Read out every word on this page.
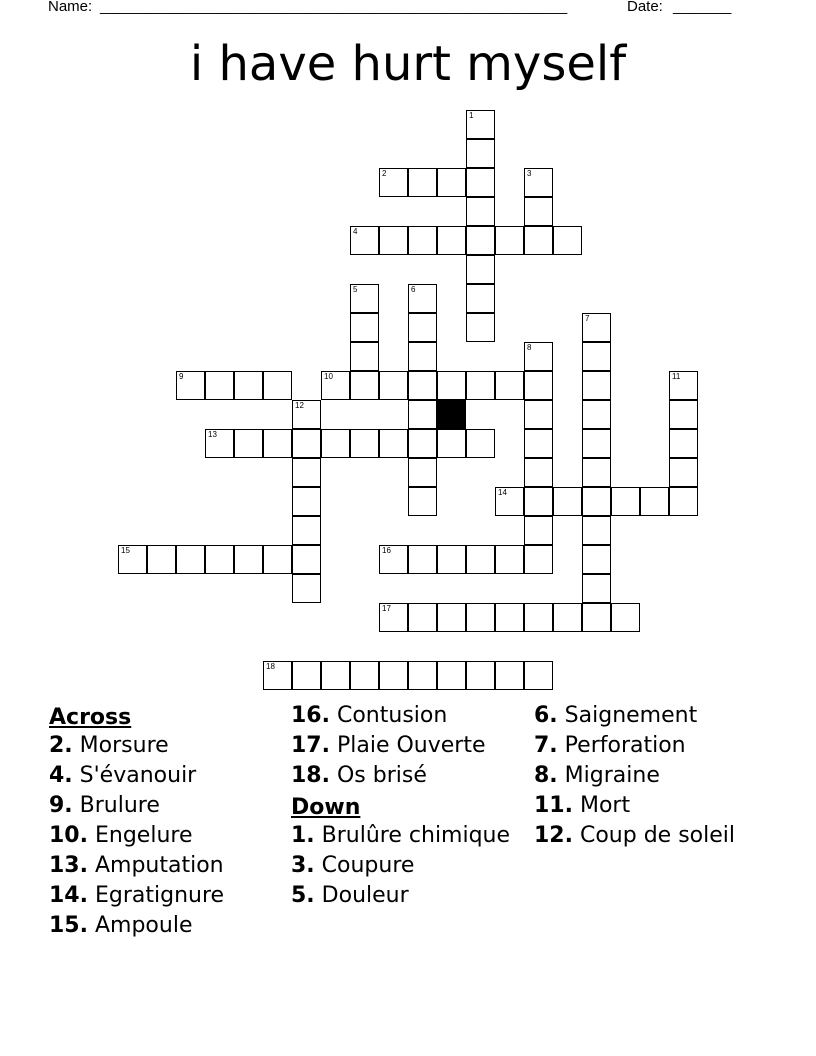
Name: ________________________________________________________	Date: _______
i have hurt myself
1
2	3
4
5	6
7
8
9	10	11
12
13
14
15	16
17
18
Across
2. Morsure
4. S'évanouir
9. Brulure
10. Engelure
13. Amputation
14. Egratignure
15. Ampoule
16. Contusion
17. Plaie Ouverte
18. Os brisé
Down
1. Brulûre chimique
3. Coupure
5. Douleur
6. Saignement
7. Perforation
8. Migraine
11. Mort
12. Coup de soleil
